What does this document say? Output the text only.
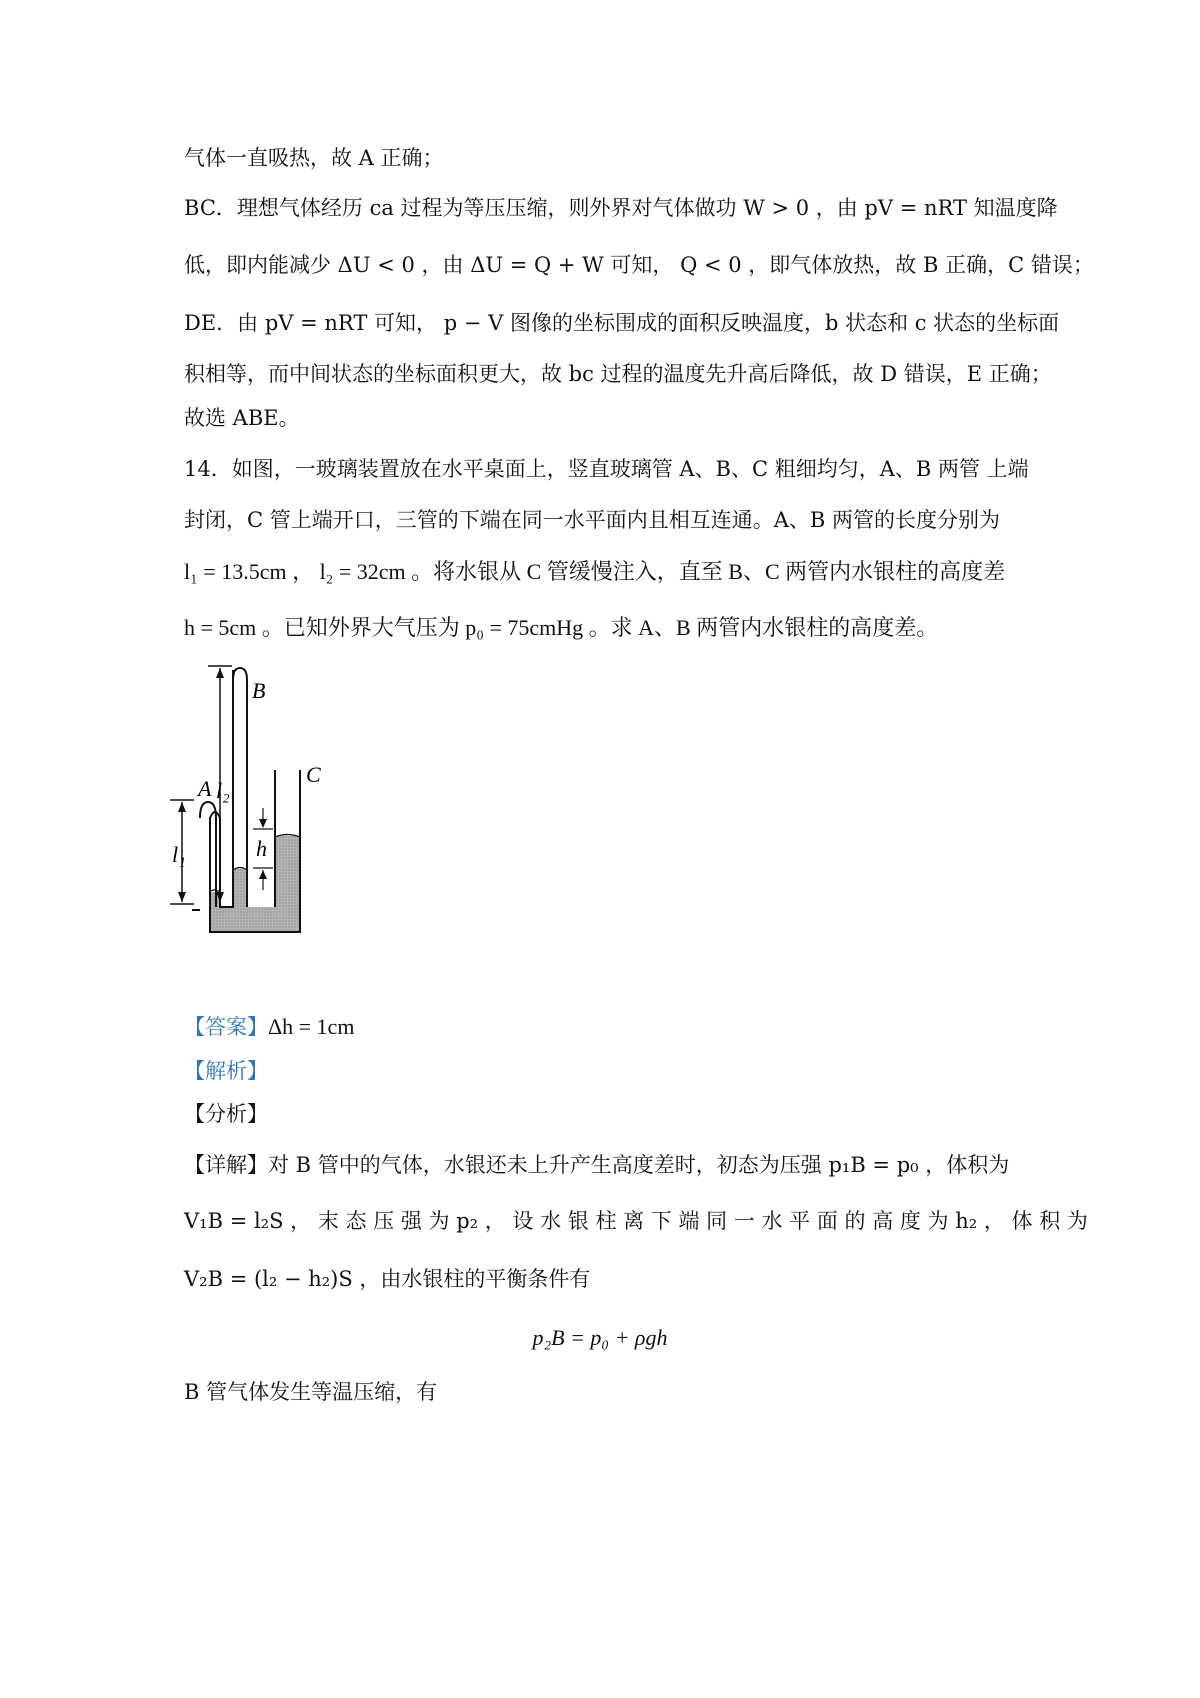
气体一直吸热，故 A 正确；
BC．理想气体经历 ca 过程为等压压缩，则外界对气体做功 W > 0 ，由 pV = nRT 知温度降
低，即内能减少 ΔU < 0 ，由 ΔU = Q + W 可知， Q < 0 ，即气体放热，故 B 正确，C 错误；
DE．由 pV = nRT 可知， p − V 图像的坐标围成的面积反映温度，b 状态和 c 状态的坐标面
积相等，而中间状态的坐标面积更大，故 bc 过程的温度先升高后降低，故 D 错误，E 正确；
故选 ABE。
14．如图，一玻璃装置放在水平桌面上，竖直玻璃管 A、B、C 粗细均匀，A、B 两管 上端
封闭，C 管上端开口，三管的下端在同一水平面内且相互连通。A、B 两管的长度分别为
l₁ = 13.5cm ， l₂ = 32cm 。将水银从 C 管缓慢注入，直至 B、C 两管内水银柱的高度差
h = 5cm 。已知外界大气压为 p₀ = 75cmHg 。求 A、B 两管内水银柱的高度差。
A
B
C
l₁
l₂
h
【答案】Δh = 1cm
【解析】
【分析】
【详解】对 B 管中的气体，水银还未上升产生高度差时，初态为压强 p₁B = p₀ ，体积为
V₁B = l₂S ， 末 态 压 强 为 p₂ ， 设 水 银 柱 离 下 端 同 一 水 平 面 的 高 度 为 h₂ ， 体 积 为
V₂B = (l₂ − h₂)S ，由水银柱的平衡条件有
p₂B = p₀ + ρgh
B 管气体发生等温压缩，有
